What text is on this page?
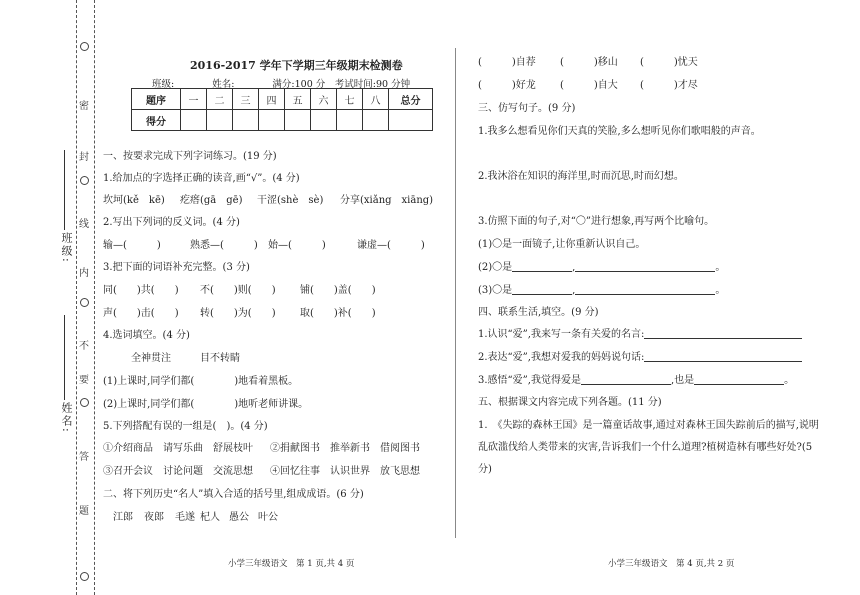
班级:
姓名:
密
封
线
内
不
要
答
题
2016-2017 学年下学期三年级期末检测卷
班级:　　　　姓名:　　　　满分:100 分　考试时间:90 分钟
题序	一	二	三	四	五	六	七	八	总分
得分									
一、按要求完成下列字词练习。(19 分)
1.给加点的字选择正确的读音,画“√”。(4 分)
坎坷(kě　kē) 疙瘩(gā　gē) 干涩(shè　sè) 分享(xiǎng　xiāng)
2.写出下列词的反义词。(4 分)
输—(　　　)	熟悉—(　　　) 始—(　　　)	谦虚—(　　　)
3.把下面的词语补充完整。(3 分)
同(　　)共(　　) 不(　　)则(　　) 铺(　　)盖(　　)
声(　　)击(　　) 转(　　)为(　　) 取(　　)补(　　)
4.选词填空。(4 分)
全神贯注	目不转睛
(1)上课时,同学们都(　　　　)地看着黑板。
(2)上课时,同学们都(　　　　)地听老师讲课。
5.下列搭配有误的一组是(　)。(4 分)
①介绍商品　请写乐曲　舒展枝叶 ②捐献图书　推举新书　借阅图书
③召开会议　讨论问题　交流思想 ④回忆往事　认识世界　放飞思想
二、将下列历史“名人”填入合适的括号里,组成成语。(6 分)
江郎 夜郎 毛遂 杞人 愚公 叶公
小学三年级语文　第 1 页,共 4 页
(　　　)自荐 (　　　)移山 (　　　)忧天
(　　　)好龙 (　　　)自大 (　　　)才尽
三、仿写句子。(9 分)
1.我多么想看见你们天真的笑脸,多么想听见你们歌唱般的声音。
2.我沐浴在知识的海洋里,时而沉思,时而幻想。
3.仿照下面的句子,对“〇”进行想象,再写两个比喻句。
(1)〇是一面镜子,让你重新认识自己。
(2)〇是	,	。
(3)〇是	,	。
四、联系生活,填空。(9 分)
1.认识“爱”,我来写一条有关爱的名言:
2.表达“爱”,我想对爱我的妈妈说句话:
3.感悟“爱”,我觉得爱是	,也是	。
五、根据课文内容完成下列各题。(11 分)
1.　《失踪的森林王国》是一篇童话故事,通过对森林王国失踪前后的描写,说明
乱砍滥伐给人类带来的灾害,告诉我们一个什么道理?植树造林有哪些好处?(5
分)
小学三年级语文　第 4 页,共 2 页
